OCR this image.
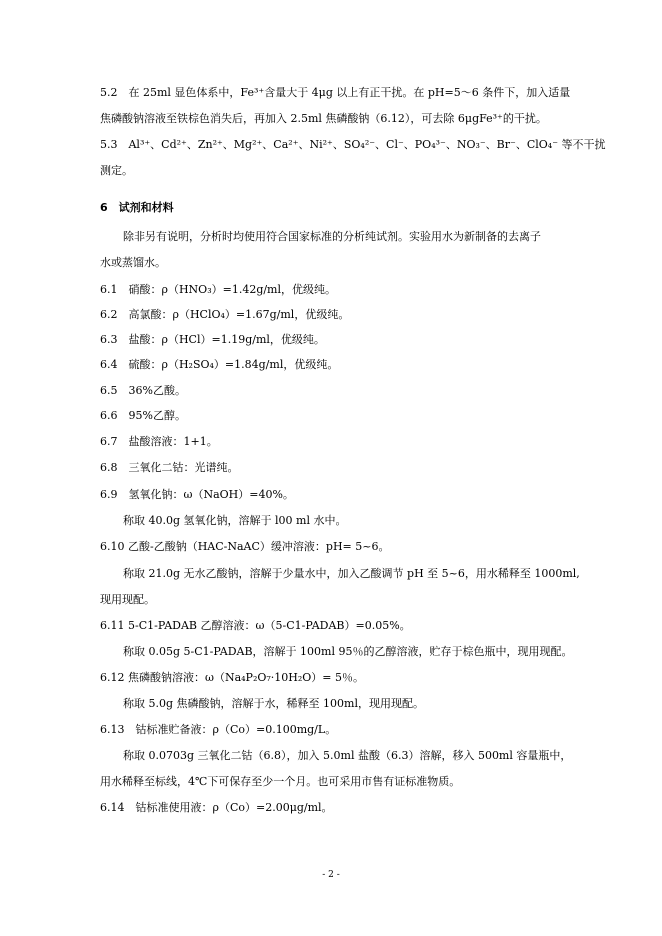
5.2　在 25ml 显色体系中，Fe³⁺含量大于 4μg 以上有正干扰。在 pH=5～6 条件下，加入适量
焦磷酸钠溶液至铁棕色消失后，再加入 2.5ml 焦磷酸钠（6.12），可去除 6μgFe³⁺的干扰。
5.3　Al³⁺、Cd²⁺、Zn²⁺、Mg²⁺、Ca²⁺、Ni²⁺、SO₄²⁻、Cl⁻、PO₄³⁻、NO₃⁻、Br⁻、ClO₄⁻ 等不干扰
测定。
6　试剂和材料
除非另有说明，分析时均使用符合国家标准的分析纯试剂。实验用水为新制备的去离子
水或蒸馏水。
6.1　硝酸：ρ（HNO₃）=1.42g/ml，优级纯。
6.2　高氯酸：ρ（HClO₄）=1.67g/ml，优级纯。
6.3　盐酸：ρ（HCl）=1.19g/ml，优级纯。
6.4　硫酸：ρ（H₂SO₄）=1.84g/ml，优级纯。
6.5　36%乙酸。
6.6　95%乙醇。
6.7　盐酸溶液：1+1。
6.8　三氧化二钴：光谱纯。
6.9　氢氧化钠：ω（NaOH）=40%。
称取 40.0g 氢氧化钠，溶解于 l00 ml 水中。
6.10 乙酸-乙酸钠（HAC-NaAC）缓冲溶液：pH= 5~6。
称取 21.0g 无水乙酸钠，溶解于少量水中，加入乙酸调节 pH 至 5~6，用水稀释至 1000ml,
现用现配。
6.11 5-C1-PADAB 乙醇溶液：ω（5-C1-PADAB）=0.05%。
称取 0.05g 5-C1-PADAB，溶解于 100ml 95％的乙醇溶液，贮存于棕色瓶中，现用现配。
6.12 焦磷酸钠溶液：ω（Na₄P₂O₇·10H₂O）= 5％。
称取 5.0g 焦磷酸钠，溶解于水，稀释至 100ml，现用现配。
6.13　钴标准贮备液：ρ（Co）=0.100mg/L。
称取 0.0703g 三氧化二钴（6.8），加入 5.0ml 盐酸（6.3）溶解，移入 500ml 容量瓶中，
用水稀释至标线，4℃下可保存至少一个月。也可采用市售有证标准物质。
6.14　钴标准使用液：ρ（Co）=2.00μg/ml。
- 2 -
